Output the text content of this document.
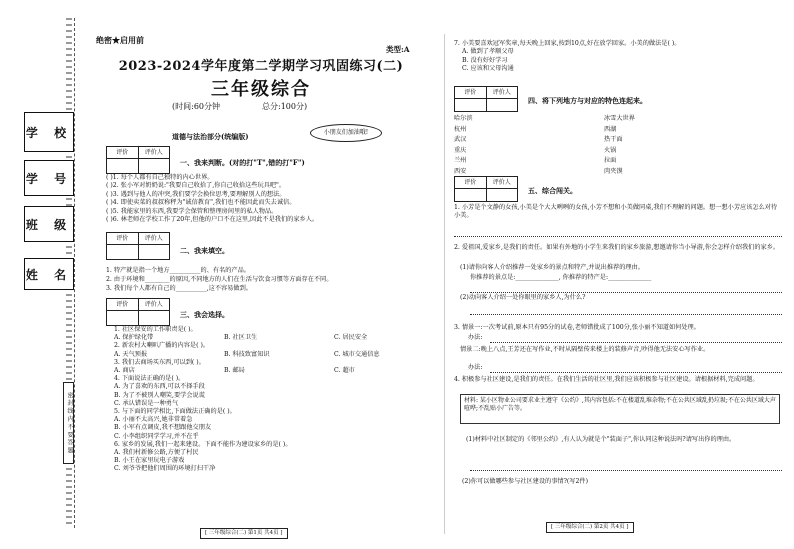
学 校
学 号
班 级
姓 名
密 封 线 内 不 要 答 题
绝密★启用前
类型:A
2023-2024学年度第二学期学习巩固练习(二)
三年级综合
(时间:60分钟	总分:100分)
道德与法治部分(统编版)	小朋友们加油哦!
评价	评价人
一、我来判断。(对的打"T",错的打"F")
( )1. 每个人都有自己独特的内心世界。
( )2. 张小军对奶奶说:"我要自己收拾了,你自己收拾这些玩具吧"。
( )3. 遇到与他人的冲突,我们要学会换位思考,要理解别人的想法。
( )4. 即使卖菜的叔叔称秤为"诚信教育",我们也不能因此而失去诚信。
( )5. 我能家里的东西,我要学会保管和整理房间里的私人物品。
( )6. 林老师在学校工作了20年,但他的户口不在这里,因此不是我们的家乡人。
评价	评价人
二、我来填空。
1. 特产就是指一个地方__________的、有名的产品。
2. 由于环境和________的原因,不同地方的人们在生活与饮食习惯等方面存在不同。
3. 我们每个人都有自己的__________,这不容易做到。
评价	评价人
三、我会选择。
1. 社区保安的工作职责是( )。
A. 保护绿化带	B. 社区卫生	C. 居民安全
2. 新农村大喇叭广播的内容是( )。
A. 天气预报	B. 科技致富知识	C. 城市交通信息
3. 我们去商场买东西,可以到( )。
A. 商店	B. 邮局	C. 超市
4. 下面说法正确的是( )。
A. 为了喜欢的东西,可以不择手段
B. 为了不被别人嘲笑,要学会说谎
C. 承认错误是一种勇气
5. 与下面的同学相比,下面做法正确的是( )。
A. 小丽不太高兴,她非常着急
B. 小军有点调皮,我不想跟他交朋友
C. 小李组织同学学习,并不在乎
6. 家乡的发展,我们一起来建设。下面不能作为建设家乡的是( )。
A. 我们村新修公路,方便了村民
B. 小王在家里玩电子游戏
C. 刘爷爷把他们周围的环境打扫干净
[ 三年级综合(二) 第1页 共4页 ]
7. 小美要喜欢冠军奖章,每天晚上回家,按到10点,好在放学回家。小美的做法是( )。
A. 做到了孝顺父母
B. 没有好好学习
C. 应该和父母沟通
评价	评价人
四、将下列地方与对应的特色连起来。
哈尔滨
杭州
武汉
重庆
兰州
西安
冰雪大世界
西湖
热干面
火锅
拉面
肉夹馍
评价	评价人
五、综合闯关。
1. 小芳是个文静的女孩,小美是个大大咧咧的女孩,小芳不想和小美做同桌,我们不理解的问题。想一想小芳应该怎么对待小美。
2. 爱祖国,爱家乡,是我们的责任。如果有外地的小学生来我们的家乡旅游,想邀请你当小导游,你会怎样介绍我们的家乡。
(1)请你向客人介绍推荐一处家乡的景点和特产,并说出推荐的理由。
你推荐的景点是:______________, 你推荐的特产是:______________
(2)动向客人介绍一处你眼里的家乡人,为什么?
3. 情景一:一次考试前,原本只有95分的试卷,老师错批成了100分,张小丽不知道如何处理。
办法:
情景二:晚上八点,王芳还在写作业,不时从隔壁传来楼上的装修声音,吵得他无法安心写作业。
办法:
4. 积极参与社区建设,是我们的责任。在我们生活的社区里,我们应该积极参与社区建设。请根据材料,完成问题。
材料: 某小区物业公司要求业主遵守《公约》,其内容包括:不在楼道乱堆杂物;不在公共区域乱扔垃圾;不在公共区域大声喧哗;不乱贴小广告等。
(1)材料中社区制定的《邻里公约》,有人认为就是个"装面子",你认同这种说法吗?请写出你的理由。
(2)你可以做哪些参与社区建设的事情?(写2件)
[ 三年级综合(二) 第2页 共4页 ]
